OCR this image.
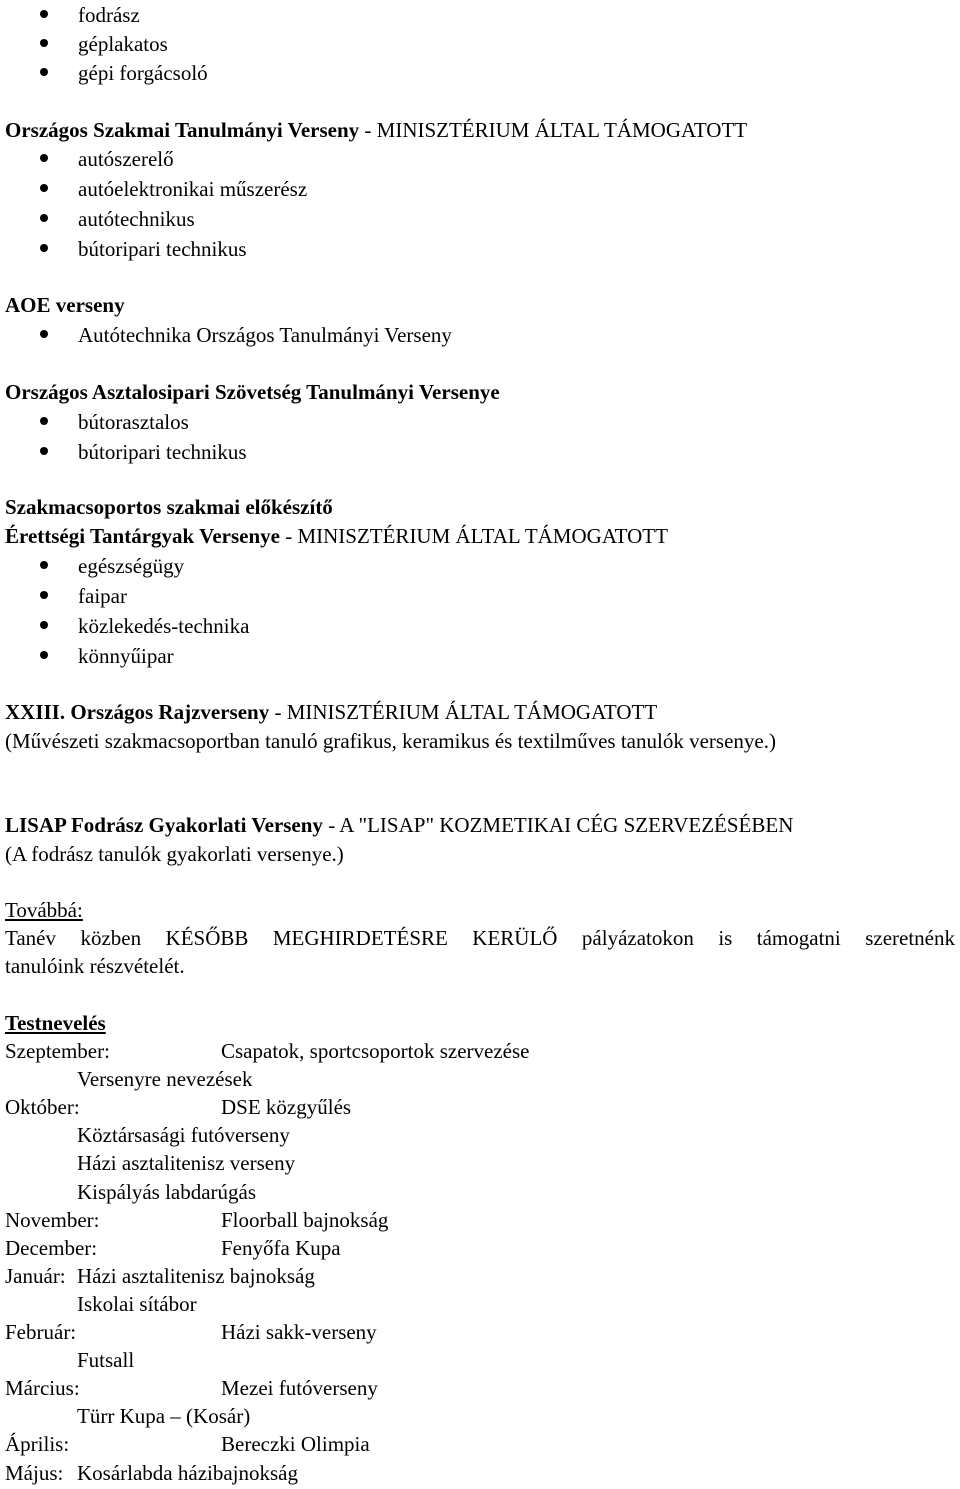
fodrász
géplakatos
gépi forgácsoló
Országos Szakmai Tanulmányi Verseny - MINISZTÉRIUM ÁLTAL TÁMOGATOTT
autószerelő
autóelektronikai műszerész
autótechnikus
bútoripari technikus
AOE verseny
Autótechnika Országos Tanulmányi Verseny
Országos Asztalosipari Szövetség Tanulmányi Versenye
bútorasztalos
bútoripari technikus
Szakmacsoportos szakmai előkészítő
Érettségi Tantárgyak Versenye - MINISZTÉRIUM ÁLTAL TÁMOGATOTT
egészségügy
faipar
közlekedés-technika
könnyűipar
XXIII. Országos Rajzverseny - MINISZTÉRIUM ÁLTAL TÁMOGATOTT
(Művészeti szakmacsoportban tanuló grafikus, keramikus és textilműves tanulók versenye.)
LISAP Fodrász Gyakorlati Verseny - A "LISAP" KOZMETIKAI CÉG SZERVEZÉSÉBEN
(A fodrász tanulók gyakorlati versenye.)
Továbbá:
Tanév közben KÉSŐBB MEGHIRDETÉSRE KERÜLŐ pályázatokon is támogatni szeretnénk
tanulóink részvételét.
Testnevelés
Szeptember:	Csapatok, sportcsoportok szervezése
Versenyre nevezések
Október:	DSE közgyűlés
Köztársasági futóverseny
Házi asztalitenisz verseny
Kispályás labdarúgás
November:	Floorball bajnokság
December:	Fenyőfa Kupa
Január: Házi asztalitenisz bajnokság
Iskolai sítábor
Február:	Házi sakk-verseny
Futsall
Március:	Mezei futóverseny
Türr Kupa – (Kosár)
Április:	Bereczki Olimpia
Május: Kosárlabda házibajnokság
